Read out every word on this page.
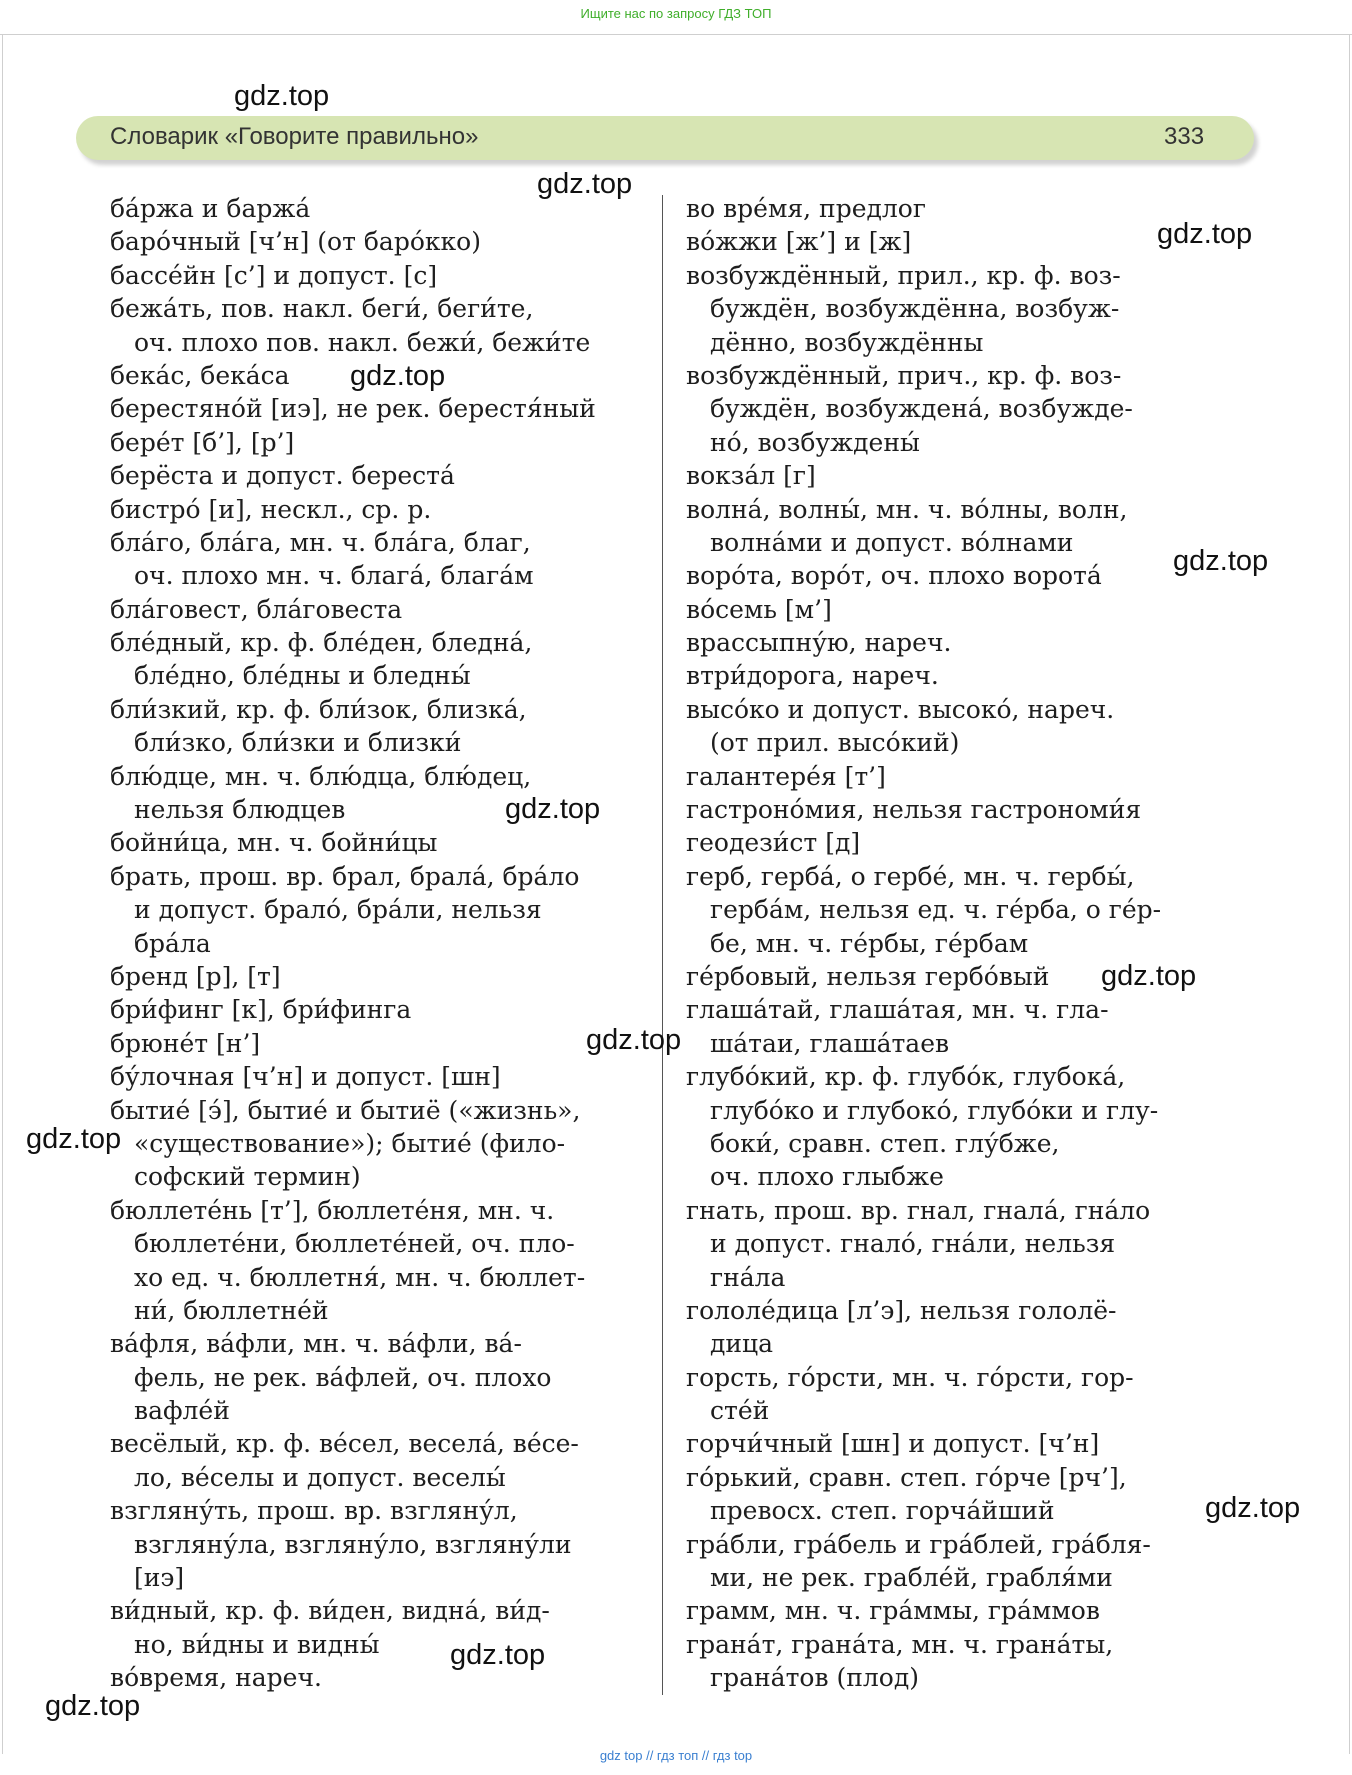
Ищите нас по запросу ГДЗ ТОП
Словарик «Говорите правильно»	333
ба́ржа и баржа́
баро́чный [ч’н] (от баро́кко)
бассе́йн [с’] и допуст. [с]
бежа́ть, пов. накл. беги́, беги́те,
оч. плохо пов. накл. бежи́, бежи́те
бека́с, бека́са
берестяно́й [иэ], не рек. берестя́ный
бере́т [б’], [р’]
берёста и допуст. береста́
бистро́ [и], нескл., ср. р.
бла́го, бла́га, мн. ч. бла́га, благ,
оч. плохо мн. ч. блага́, блага́м
бла́говест, бла́говеста
бле́дный, кр. ф. бле́ден, бледна́,
бле́дно, бле́дны и бледны́
бли́зкий, кр. ф. бли́зок, близка́,
бли́зко, бли́зки и близки́
блю́дце, мн. ч. блю́дца, блю́дец,
нельзя блюдцев
бойни́ца, мн. ч. бойни́цы
брать, прош. вр. брал, брала́, бра́ло
и допуст. брало́, бра́ли, нельзя
бра́ла
бренд [р], [т]
бри́финг [к], бри́финга
брюне́т [н’]
бу́лочная [ч’н] и допуст. [шн]
бытие́ [э́], бытие́ и бытиё («жизнь»,
«существование»); бытие́ (фило-
софский термин)
бюллете́нь [т’], бюллете́ня, мн. ч.
бюллете́ни, бюллете́ней, оч. пло-
хо ед. ч. бюллетня́, мн. ч. бюллет-
ни́, бюллетне́й
ва́фля, ва́фли, мн. ч. ва́фли, ва́-
фель, не рек. ва́флей, оч. плохо
вафле́й
весёлый, кр. ф. ве́сел, весела́, ве́се-
ло, ве́селы и допуст. веселы́
взгляну́ть, прош. вр. взгляну́л,
взгляну́ла, взгляну́ло, взгляну́ли
[иэ]
ви́дный, кр. ф. ви́ден, видна́, ви́д-
но, ви́дны и видны́
во́время, нареч.
во вре́мя, предлог
во́жжи [ж’] и [ж]
возбуждённый, прил., кр. ф. воз-
буждён, возбуждённа, возбуж-
дённо, возбуждённы
возбуждённый, прич., кр. ф. воз-
буждён, возбуждена́, возбужде-
но́, возбуждены́
вокза́л [г]
волна́, волны́, мн. ч. во́лны, волн,
волна́ми и допуст. во́лнами
воро́та, воро́т, оч. плохо ворота́
во́семь [м’]
врассыпну́ю, нареч.
втри́дорога, нареч.
высо́ко и допуст. высоко́, нареч.
(от прил. высо́кий)
галантере́я [т’]
гастроно́мия, нельзя гастрономи́я
геодези́ст [д]
герб, герба́, о гербе́, мн. ч. гербы́,
герба́м, нельзя ед. ч. ге́рба, о ге́р-
бе, мн. ч. ге́рбы, ге́рбам
ге́рбовый, нельзя гербо́вый
глаша́тай, глаша́тая, мн. ч. гла-
ша́таи, глаша́таев
глубо́кий, кр. ф. глубо́к, глубока́,
глубо́ко и глубоко́, глубо́ки и глу-
боки́, сравн. степ. глу́бже,
оч. плохо глыбже
гнать, прош. вр. гнал, гнала́, гна́ло
и допуст. гнало́, гна́ли, нельзя
гна́ла
гололе́дица [л’э], нельзя гололё-
дица
горсть, го́рсти, мн. ч. го́рсти, гор-
сте́й
горчи́чный [шн] и допуст. [ч’н]
го́рький, сравн. степ. го́рче [рч’],
превосх. степ. горча́йший
гра́бли, гра́бель и гра́блей, гра́бля-
ми, не рек. грабле́й, грабля́ми
грамм, мн. ч. гра́ммы, гра́ммов
грана́т, грана́та, мн. ч. грана́ты,
грана́тов (плод)
gdz.top
gdz.top
gdz.top
gdz.top
gdz.top
gdz.top
gdz.top
gdz.top
gdz.top
gdz.top
gdz.top
gdz.top
gdz top // гдз топ // гдз top
